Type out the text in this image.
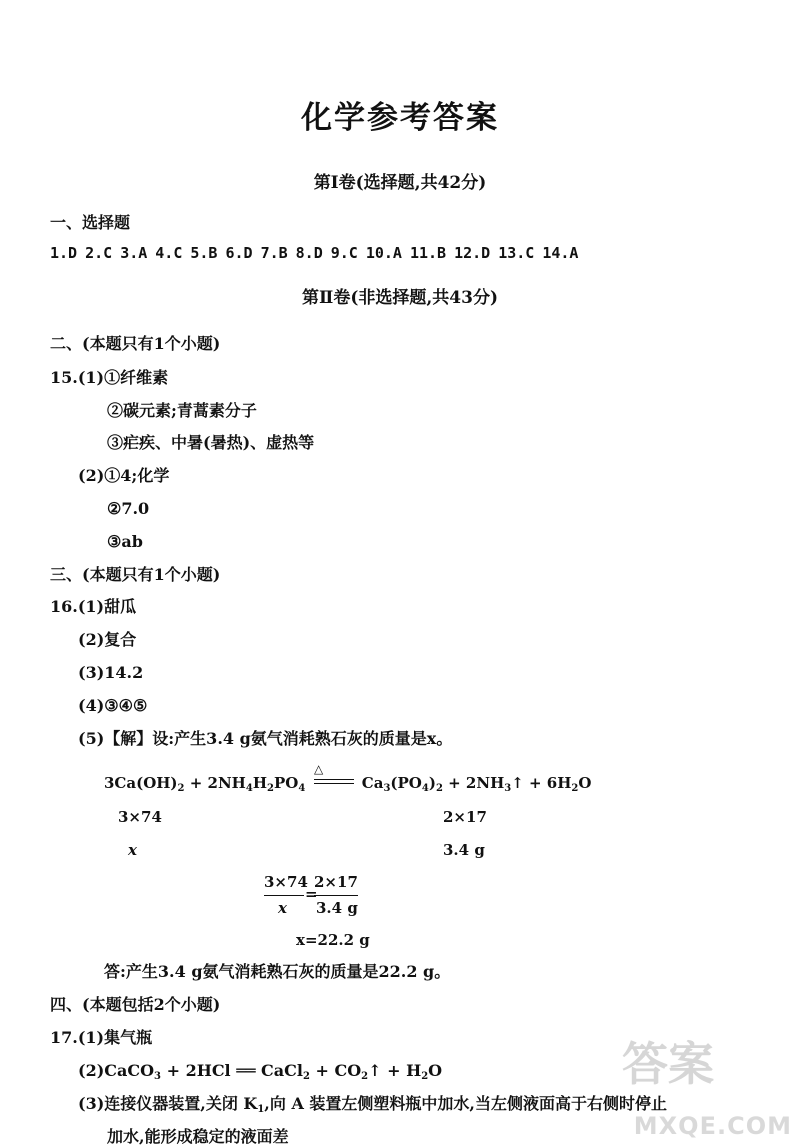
化学参考答案
第Ⅰ卷(选择题,共42分)
一、选择题
1.D 2.C 3.A 4.C 5.B 6.D 7.B 8.D 9.C 10.A 11.B 12.D 13.C 14.A
第Ⅱ卷(非选择题,共43分)
二、(本题只有1个小题)
15.(1)①纤维素
②碳元素;青蒿素分子
③疟疾、中暑(暑热)、虚热等
(2)①4;化学
②7.0
③ab
三、(本题只有1个小题)
16.(1)甜瓜
(2)复合
(3)14.2
(4)③④⑤
(5)【解】设:产生3.4 g氨气消耗熟石灰的质量是x。
$3Ca(OH)_2 + 2NH_4H_2PO_4$	$Ca_3(PO_4)_2$ + $2NH_3↑ + 6H_2O$
△
3×74	2×17
x	3.4 g
3×74
x
=
2×17
3.4 g
x=22.2 g
答:产生3.4 g氨气消耗熟石灰的质量是22.2 g。
四、(本题包括2个小题)
17.(1)集气瓶
(2)CaCO$_3$ + 2HCl ══ CaCl$_2$ + $CO_2↑ + H_2O$
(3)连接仪器装置,关闭 $K_1$,向 A 装置左侧塑料瓶中加水,当左侧液面高于右侧时停止
加水,能形成稳定的液面差
答案
MXQE.COM
